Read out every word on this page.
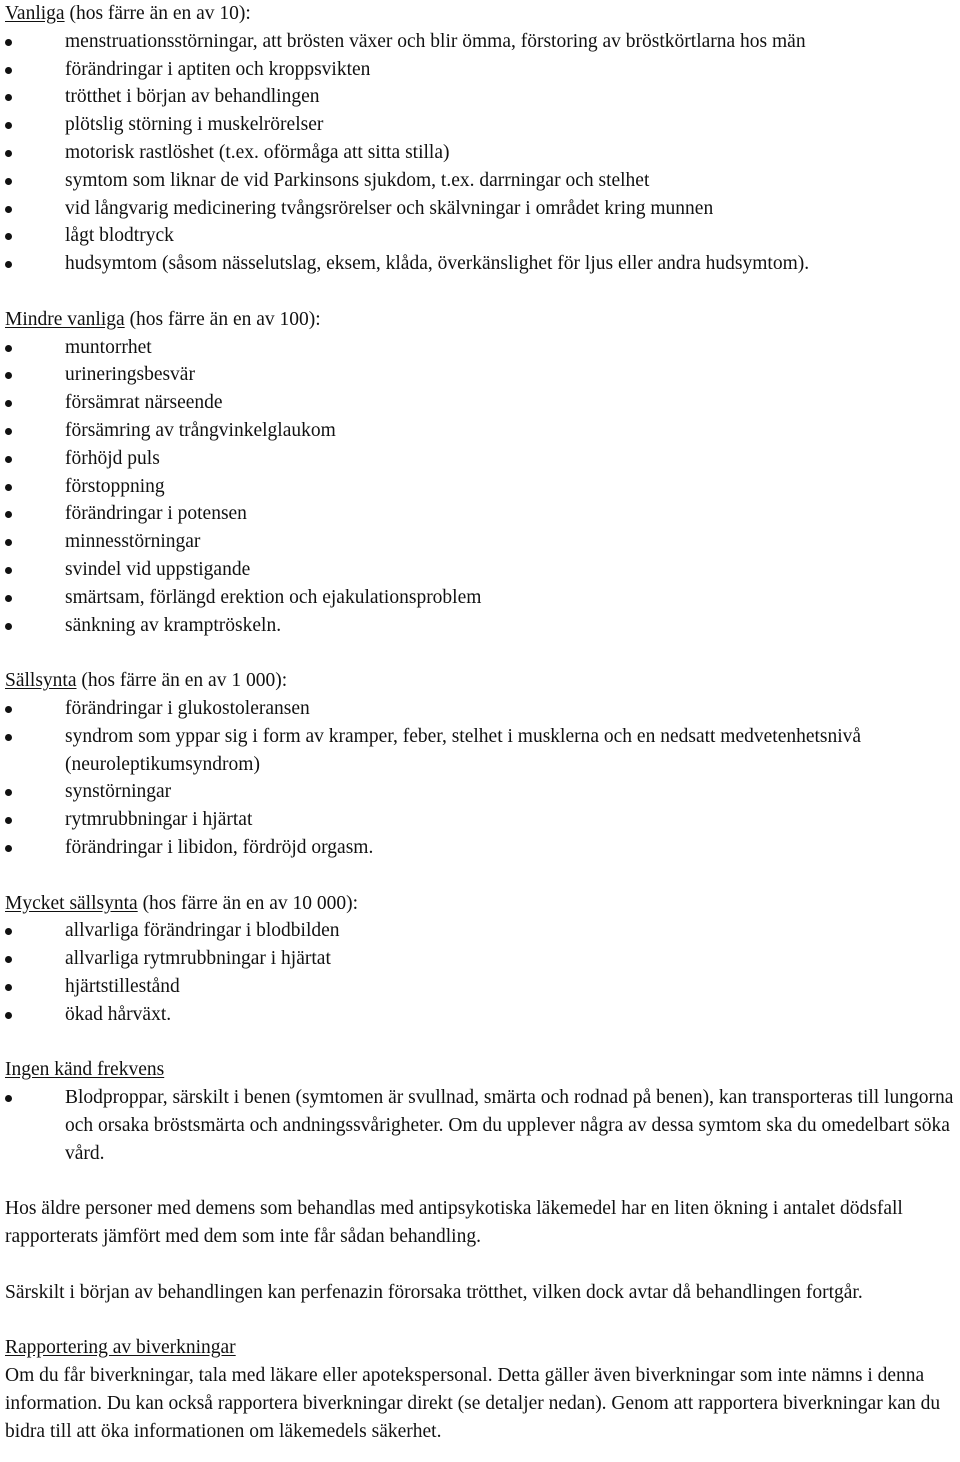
Vanliga (hos färre än en av 10):

menstruationsstörningar, att brösten växer och blir ömma, förstoring av bröstkörtlarna hos män
förändringar i aptiten och kroppsvikten
trötthet i början av behandlingen
plötslig störning i muskelrörelser
motorisk rastlöshet (t.ex. oförmåga att sitta stilla)
symtom som liknar de vid Parkinsons sjukdom, t.ex. darrningar och stelhet
vid långvarig medicinering tvångsrörelser och skälvningar i området kring munnen
lågt blodtryck
hudsymtom (såsom nässelutslag, eksem, klåda, överkänslighet för ljus eller andra hudsymtom).

Mindre vanliga (hos färre än en av 100):

muntorrhet
urineringsbesvär
försämrat närseende
försämring av trångvinkelglaukom
förhöjd puls
förstoppning
förändringar i potensen
minnesstörningar
svindel vid uppstigande
smärtsam, förlängd erektion och ejakulationsproblem
sänkning av kramptröskeln.

Sällsynta (hos färre än en av 1 000):

förändringar i glukostoleransen
syndrom som yppar sig i form av kramper, feber, stelhet i musklerna och en nedsatt medvetenhetsnivå (neuroleptikumsyndrom)
synstörningar
rytmrubbningar i hjärtat
förändringar i libidon, fördröjd orgasm.

Mycket sällsynta (hos färre än en av 10 000):

allvarliga förändringar i blodbilden
allvarliga rytmrubbningar i hjärtat
hjärtstillestånd
ökad hårväxt.

Ingen känd frekvens

Blodproppar, särskilt i benen (symtomen är svullnad, smärta och rodnad på benen), kan transporteras till lungorna och orsaka bröstsmärta och andningssvårigheter. Om du upplever några av dessa symtom ska du omedelbart söka vård.

Hos äldre personer med demens som behandlas med antipsykotiska läkemedel har en liten ökning i antalet dödsfall rapporterats jämfört med dem som inte får sådan behandling.

Särskilt i början av behandlingen kan perfenazin förorsaka trötthet, vilken dock avtar då behandlingen fortgår.

Rapportering av biverkningar

Om du får biverkningar, tala med läkare eller apotekspersonal. Detta gäller även biverkningar som inte nämns i denna information. Du kan också rapportera biverkningar direkt (se detaljer nedan). Genom att rapportera biverkningar kan du bidra till att öka informationen om läkemedels säkerhet.
